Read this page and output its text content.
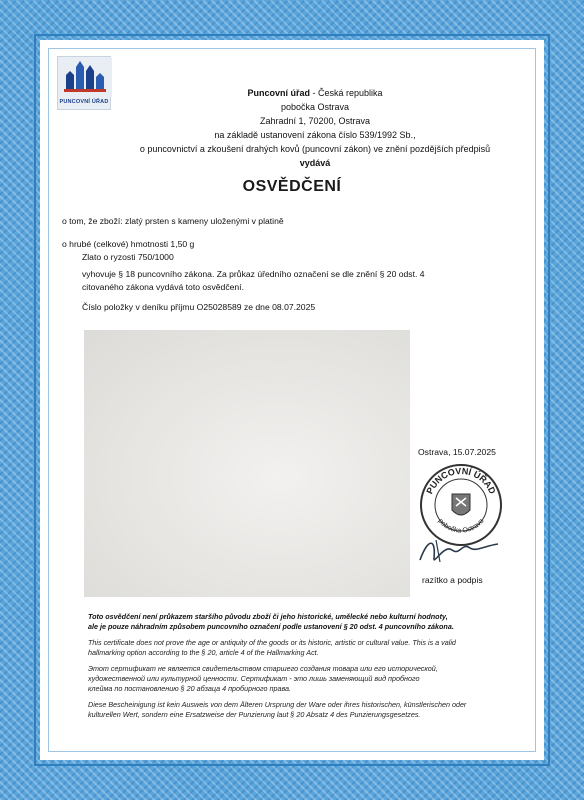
PUNCOVNÍ ÚŘAD
Puncovní úřad - Česká republika
pobočka Ostrava
Zahradní 1, 70200, Ostrava
na základě ustanovení zákona číslo 539/1992 Sb.,
o puncovnictví a zkoušení drahých kovů (puncovní zákon) ve znění pozdějších předpisů
vydává
OSVĚDČENÍ
o tom, že zboží: zlatý prsten s kameny uloženými v platině
o hrubé (celkové) hmotnosti 1,50 g
Zlato o ryzosti 750/1000
vyhovuje § 18 puncovního zákona. Za průkaz úředního označení se dle znění § 20 odst. 4
citovaného zákona vydává toto osvědčení.
Číslo položky v deníku příjmu O25028589 ze dne 08.07.2025
Ostrava, 15.07.2025
PUNCOVNÍ ÚŘAD
pobočka Ostrava
razítko a podpis
Toto osvědčení není průkazem staršího původu zboží či jeho historické, umělecké nebo kulturní hodnoty,
ale je pouze náhradním způsobem puncovního označení podle ustanovení § 20 odst. 4 puncovního zákona.
This certificate does not prove the age or antiquity of the goods or its historic, artistic or cultural value. This is a valid
hallmarking option according to the § 20, article 4 of the Hallmarking Act.
Этот сертификат не является свидетельством старшего создания товара или его исторической,
художественной или культурной ценности. Сертификат - это лишь заменяющий вид пробного
клейма по постановлению § 20 абзаца 4 пробирного права.
Diese Bescheinigung ist kein Ausweis von dem Älteren Ursprung der Ware oder ihres historischen, künstlerischen oder
kulturellen Wert, sondern eine Ersatzweise der Punzierung laut § 20 Absatz 4 des Punzierungsgesetzes.
